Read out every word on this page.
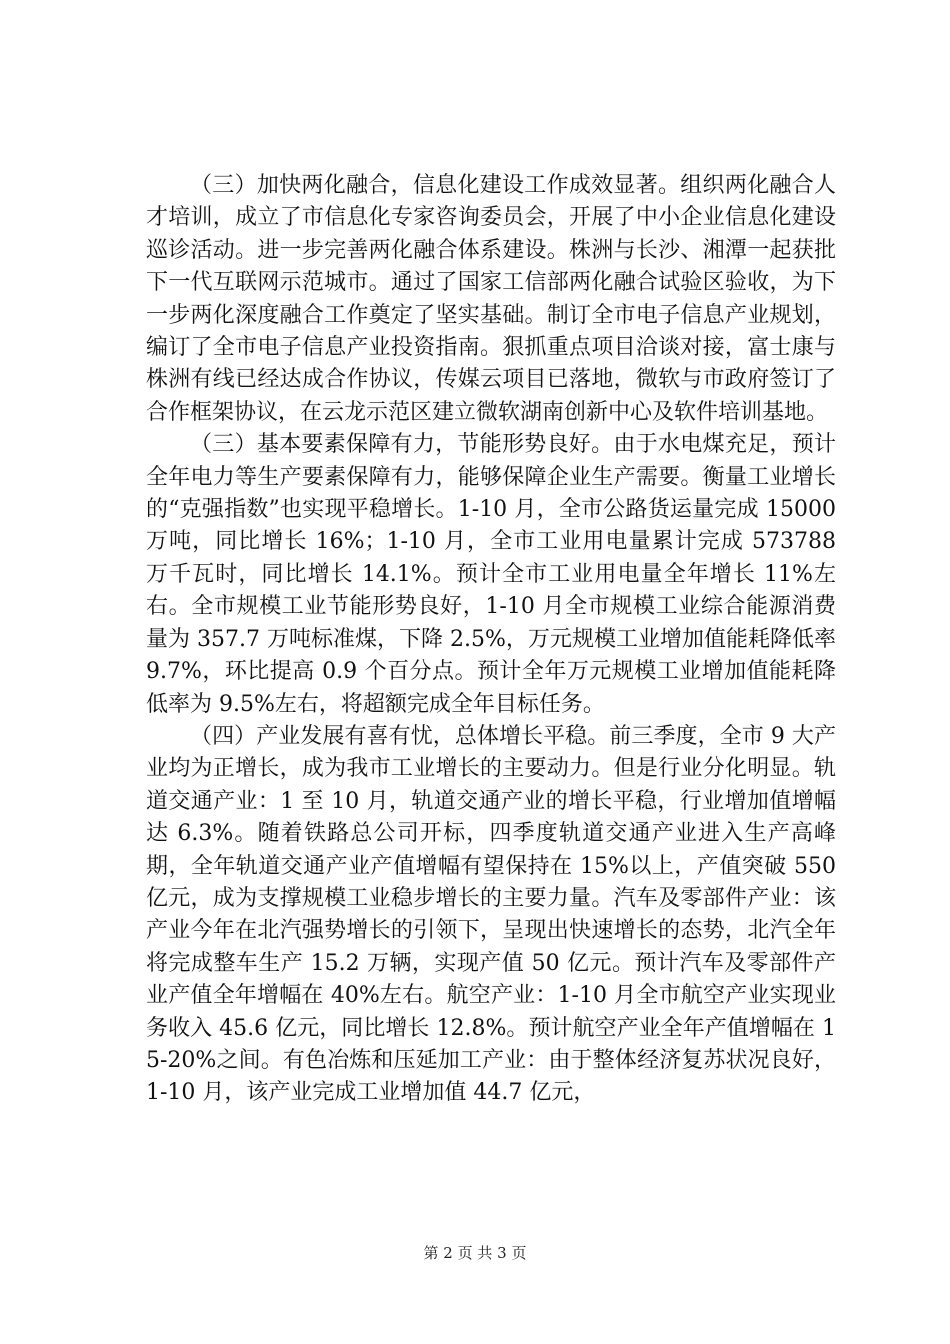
（三）加快两化融合，信息化建设工作成效显著。组织两化融合人才培训，成立了市信息化专家咨询委员会，开展了中小企业信息化建设巡诊活动。进一步完善两化融合体系建设。株洲与长沙、湘潭一起获批下一代互联网示范城市。通过了国家工信部两化融合试验区验收，为下一步两化深度融合工作奠定了坚实基础。制订全市电子信息产业规划，编订了全市电子信息产业投资指南。狠抓重点项目洽谈对接，富士康与株洲有线已经达成合作协议，传媒云项目已落地，微软与市政府签订了合作框架协议，在云龙示范区建立微软湖南创新中心及软件培训基地。

（三）基本要素保障有力，节能形势良好。由于水电煤充足，预计全年电力等生产要素保障有力，能够保障企业生产需要。衡量工业增长的“克强指数”也实现平稳增长。1-10 月，全市公路货运量完成 15000 万吨，同比增长 16%；1-10 月，全市工业用电量累计完成 573788 万千瓦时，同比增长 14.1%。预计全市工业用电量全年增长 11%左右。全市规模工业节能形势良好，1-10 月全市规模工业综合能源消费量为 357.7 万吨标准煤，下降 2.5%，万元规模工业增加值能耗降低率 9.7%，环比提高 0.9 个百分点。预计全年万元规模工业增加值能耗降低率为 9.5%左右，将超额完成全年目标任务。

（四）产业发展有喜有忧，总体增长平稳。前三季度，全市 9 大产业均为正增长，成为我市工业增长的主要动力。但是行业分化明显。轨道交通产业：1 至 10 月，轨道交通产业的增长平稳，行业增加值增幅达 6.3%。随着铁路总公司开标，四季度轨道交通产业进入生产高峰期，全年轨道交通产业产值增幅有望保持在 15%以上，产值突破 550 亿元，成为支撑规模工业稳步增长的主要力量。汽车及零部件产业：该产业今年在北汽强势增长的引领下，呈现出快速增长的态势，北汽全年将完成整车生产 15.2 万辆，实现产值 50 亿元。预计汽车及零部件产业产值全年增幅在 40%左右。航空产业：1-10 月全市航空产业实现业务收入 45.6 亿元，同比增长 12.8%。预计航空产业全年产值增幅在 15-20%之间。有色冶炼和压延加工产业：由于整体经济复苏状况良好，1-10 月，该产业完成工业增加值 44.7 亿元，

第 2 页 共 3 页
